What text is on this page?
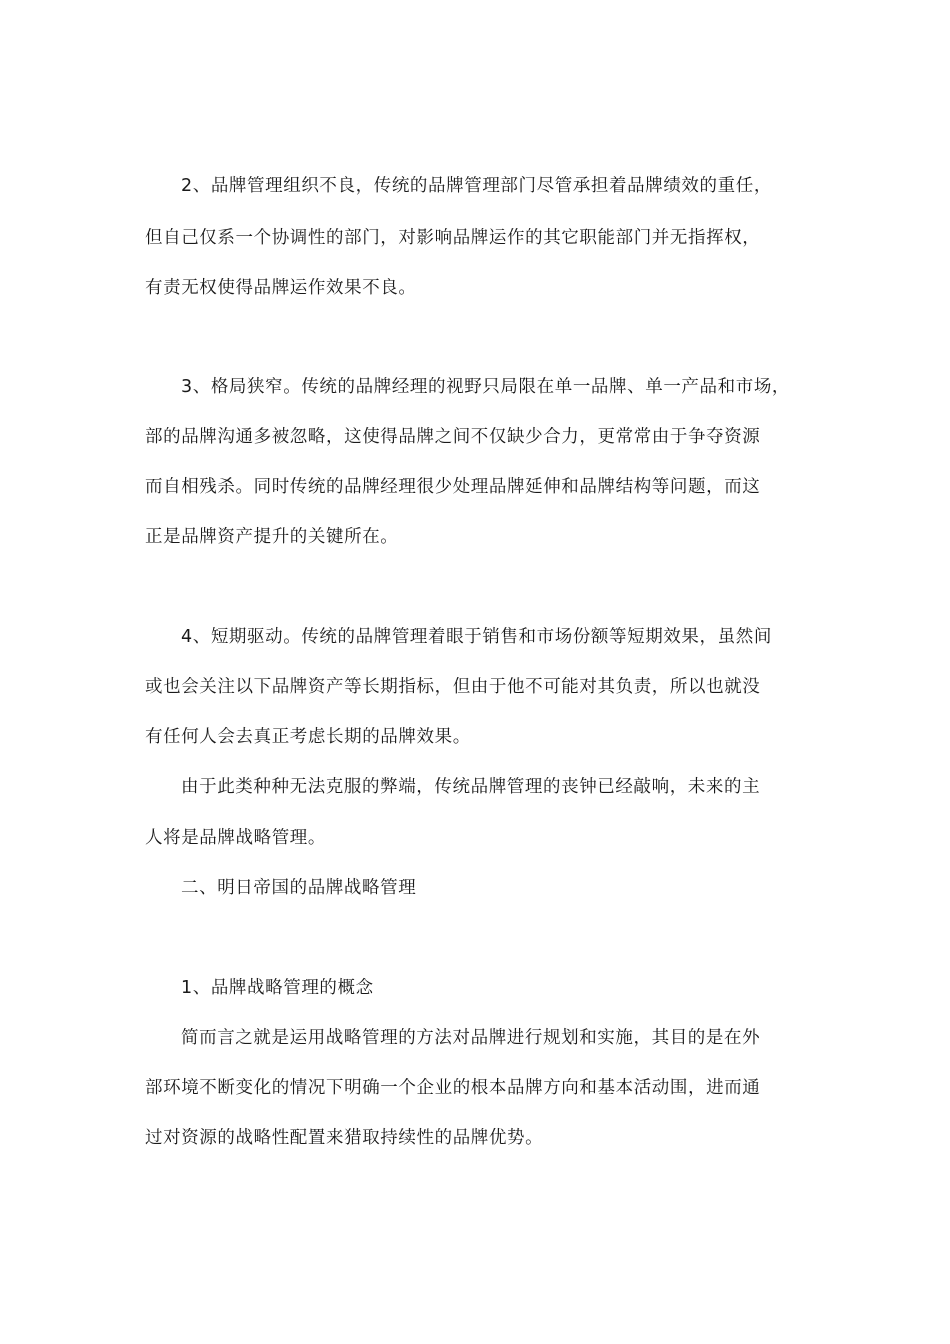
2、品牌管理组织不良，传统的品牌管理部门尽管承担着品牌绩效的重任，
但自己仅系一个协调性的部门，对影响品牌运作的其它职能部门并无指挥权，
有责无权使得品牌运作效果不良。
3、格局狭窄。传统的品牌经理的视野只局限在单一品牌、单一产品和市场，
部的品牌沟通多被忽略，这使得品牌之间不仅缺少合力，更常常由于争夺资源
而自相残杀。同时传统的品牌经理很少处理品牌延伸和品牌结构等问题，而这
正是品牌资产提升的关键所在。
4、短期驱动。传统的品牌管理着眼于销售和市场份额等短期效果，虽然间
或也会关注以下品牌资产等长期指标，但由于他不可能对其负责，所以也就没
有任何人会去真正考虑长期的品牌效果。
由于此类种种无法克服的弊端，传统品牌管理的丧钟已经敲响，未来的主
人将是品牌战略管理。
二、明日帝国的品牌战略管理
1、品牌战略管理的概念
简而言之就是运用战略管理的方法对品牌进行规划和实施，其目的是在外
部环境不断变化的情况下明确一个企业的根本品牌方向和基本活动围，进而通
过对资源的战略性配置来猎取持续性的品牌优势。
